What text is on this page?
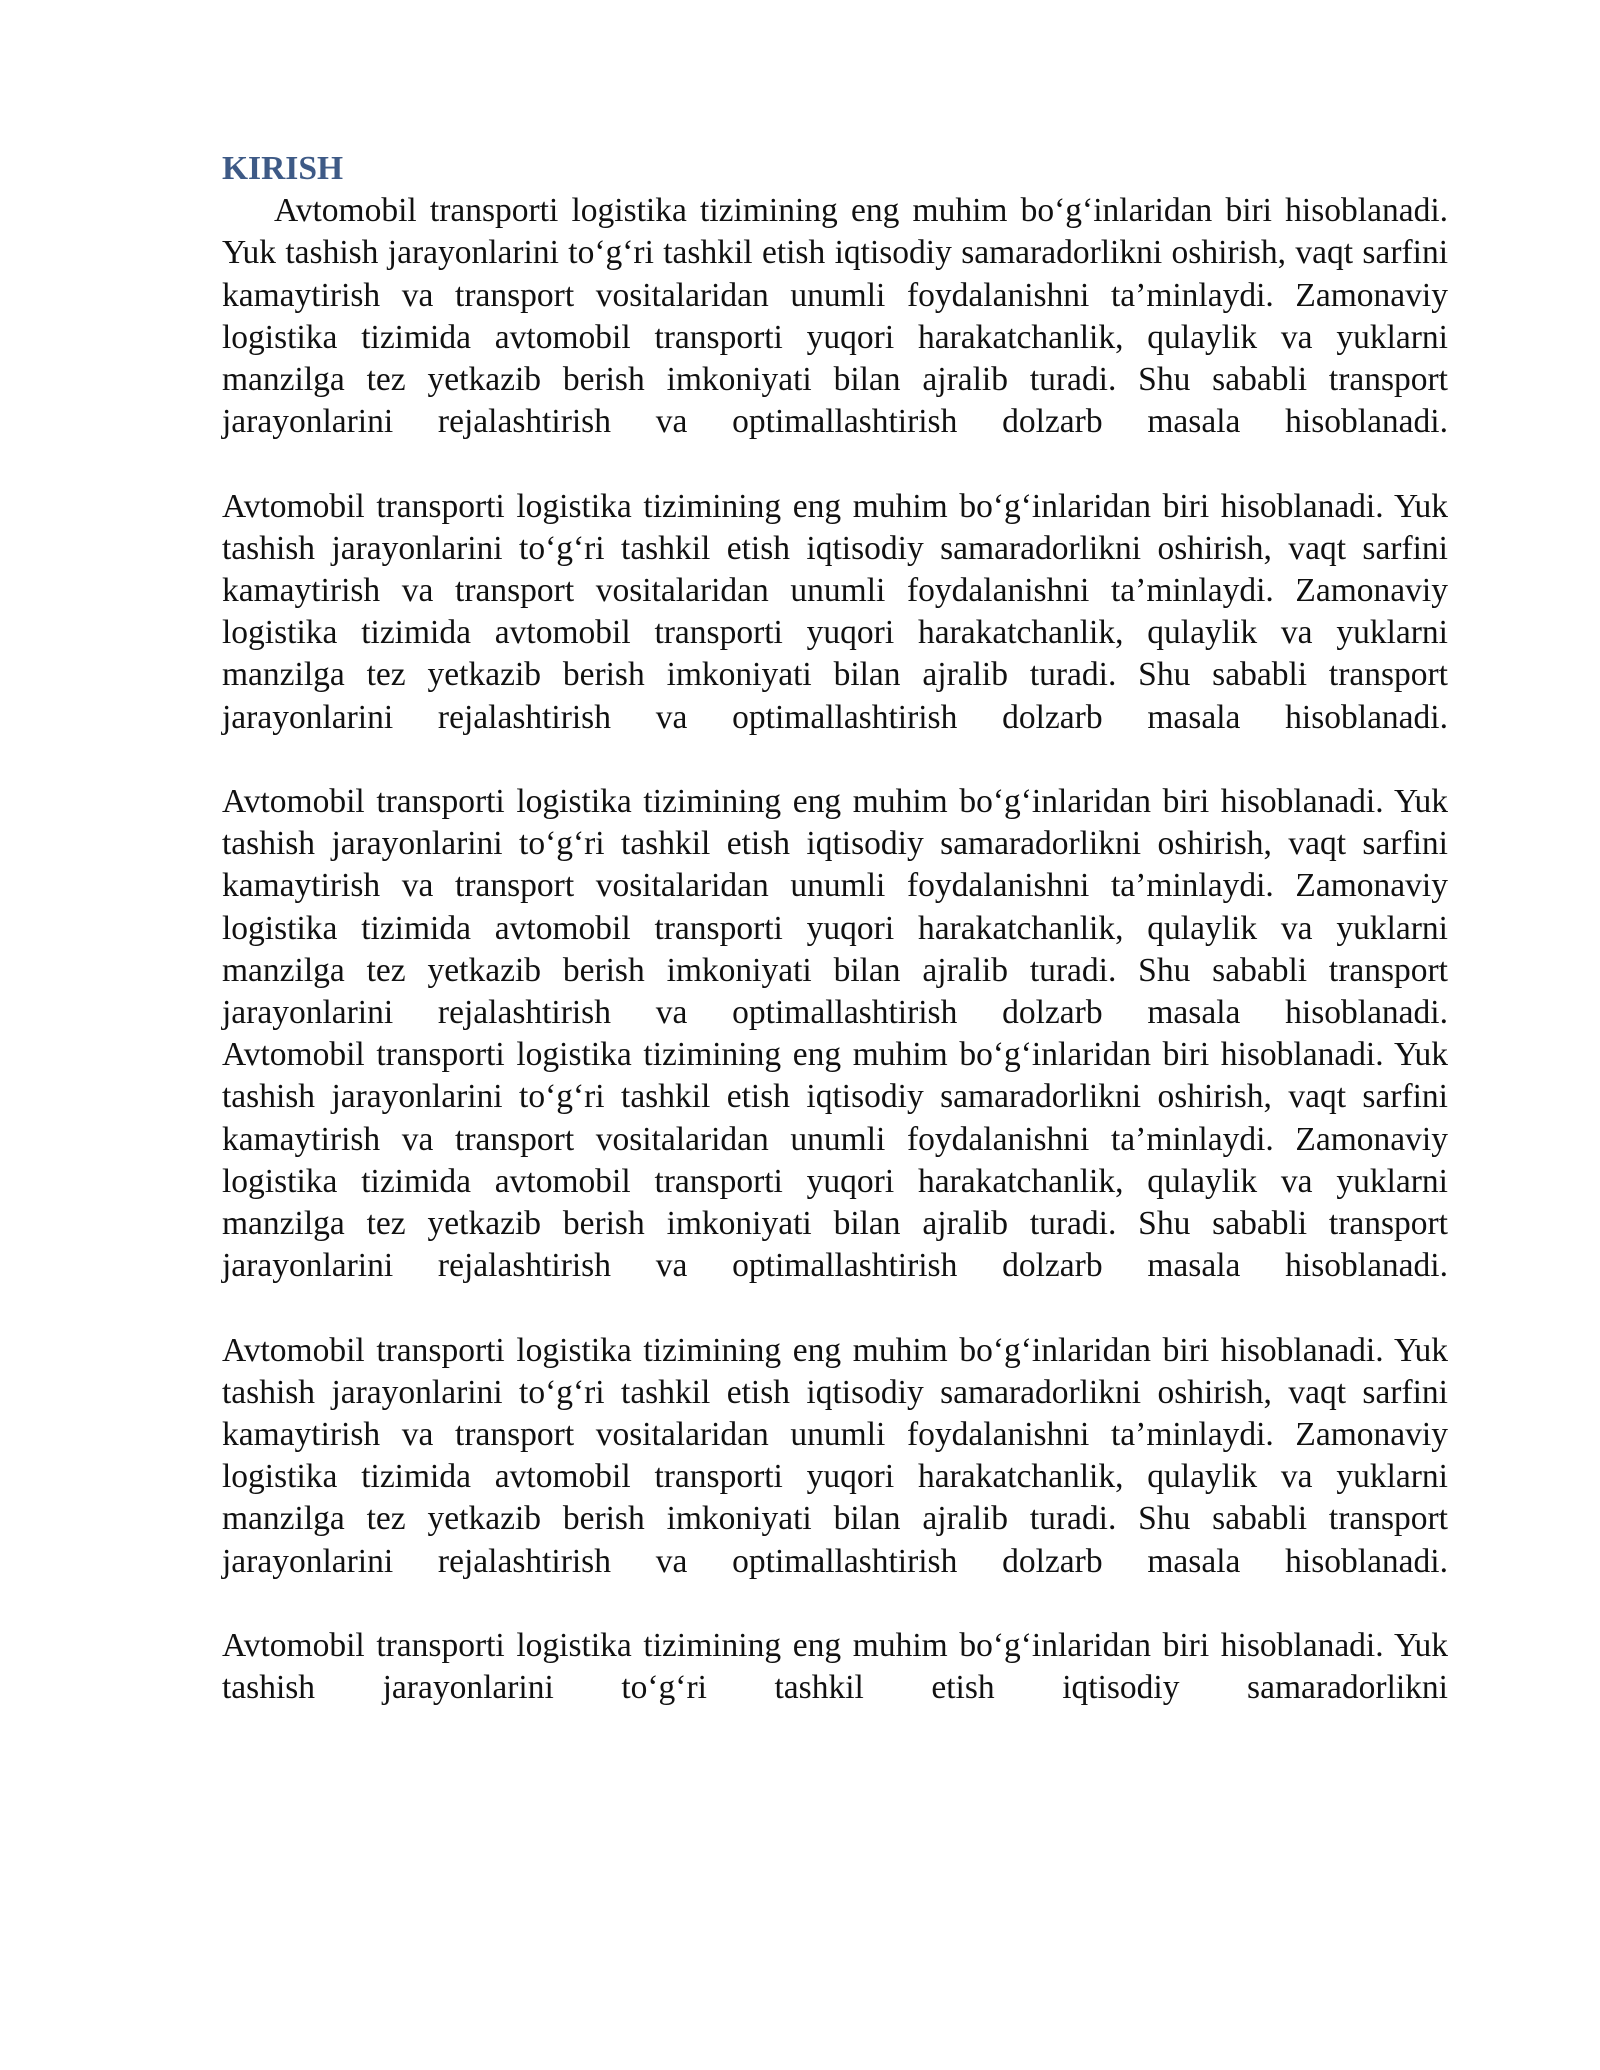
KIRISH

Avtomobil transporti logistika tizimining eng muhim bo‘g‘inlaridan biri hisoblanadi. Yuk tashish jarayonlarini to‘g‘ri tashkil etish iqtisodiy samaradorlikni oshirish, vaqt sarfini kamaytirish va transport vositalaridan unumli foydalanishni ta’minlaydi. Zamonaviy logistika tizimida avtomobil transporti yuqori harakatchanlik, qulaylik va yuklarni manzilga tez yetkazib berish imkoniyati bilan ajralib turadi. Shu sababli transport jarayonlarini rejalashtirish va optimallashtirish dolzarb masala hisoblanadi.

Avtomobil transporti logistika tizimining eng muhim bo‘g‘inlaridan biri hisoblanadi. Yuk tashish jarayonlarini to‘g‘ri tashkil etish iqtisodiy samaradorlikni oshirish, vaqt sarfini kamaytirish va transport vositalaridan unumli foydalanishni ta’minlaydi. Zamonaviy logistika tizimida avtomobil transporti yuqori harakatchanlik, qulaylik va yuklarni manzilga tez yetkazib berish imkoniyati bilan ajralib turadi. Shu sababli transport jarayonlarini rejalashtirish va optimallashtirish dolzarb masala hisoblanadi.

Avtomobil transporti logistika tizimining eng muhim bo‘g‘inlaridan biri hisoblanadi. Yuk tashish jarayonlarini to‘g‘ri tashkil etish iqtisodiy samaradorlikni oshirish, vaqt sarfini kamaytirish va transport vositalaridan unumli foydalanishni ta’minlaydi. Zamonaviy logistika tizimida avtomobil transporti yuqori harakatchanlik, qulaylik va yuklarni manzilga tez yetkazib berish imkoniyati bilan ajralib turadi. Shu sababli transport jarayonlarini rejalashtirish va optimallashtirish dolzarb masala hisoblanadi.

Avtomobil transporti logistika tizimining eng muhim bo‘g‘inlaridan biri hisoblanadi. Yuk tashish jarayonlarini to‘g‘ri tashkil etish iqtisodiy samaradorlikni oshirish, vaqt sarfini kamaytirish va transport vositalaridan unumli foydalanishni ta’minlaydi. Zamonaviy logistika tizimida avtomobil transporti yuqori harakatchanlik, qulaylik va yuklarni manzilga tez yetkazib berish imkoniyati bilan ajralib turadi. Shu sababli transport jarayonlarini rejalashtirish va optimallashtirish dolzarb masala hisoblanadi.

Avtomobil transporti logistika tizimining eng muhim bo‘g‘inlaridan biri hisoblanadi. Yuk tashish jarayonlarini to‘g‘ri tashkil etish iqtisodiy samaradorlikni oshirish, vaqt sarfini kamaytirish va transport vositalaridan unumli foydalanishni ta’minlaydi. Zamonaviy logistika tizimida avtomobil transporti yuqori harakatchanlik, qulaylik va yuklarni manzilga tez yetkazib berish imkoniyati bilan ajralib turadi. Shu sababli transport jarayonlarini rejalashtirish va optimallashtirish dolzarb masala hisoblanadi.

Avtomobil transporti logistika tizimining eng muhim bo‘g‘inlaridan biri hisoblanadi. Yuk tashish jarayonlarini to‘g‘ri tashkil etish iqtisodiy samaradorlikni
